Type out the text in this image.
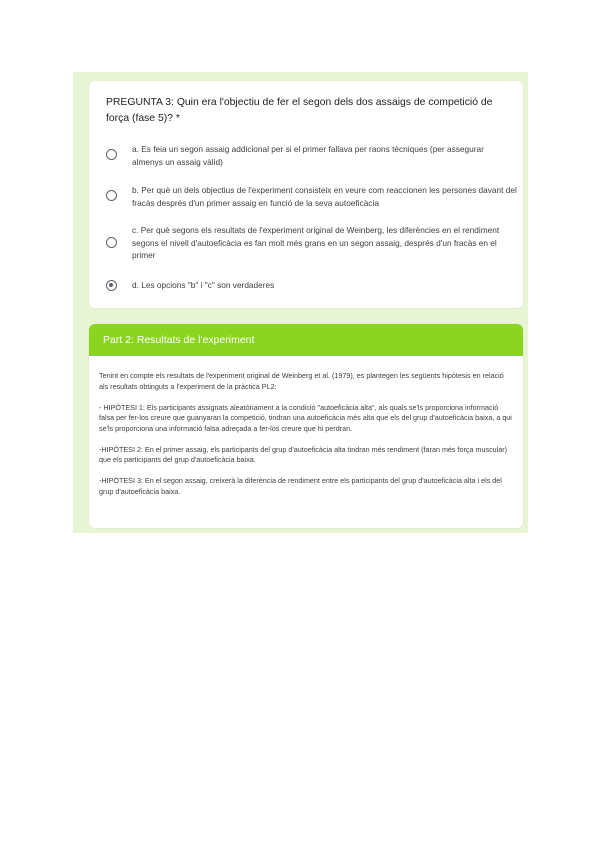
PREGUNTA 3: Quin era l'objectiu de fer el segon dels dos assaigs de competició de força (fase 5)? *
a. Es feia un segon assaig addicional per si el primer fallava per raons tècniques (per assegurar almenys un assaig vàlid)
b. Per què un dels objectius de l'experiment consisteix en veure com reaccionen les persones davant del fracàs després d'un primer assaig en funció de la seva autoeficàcia
c. Per què segons els resultats de l'experiment original de Weinberg, les diferències en el rendiment segons el nivell d'autoeficàcia es fan molt més grans en un segon assaig, després d'un fracàs en el primer
d. Les opcions "b" i "c" son verdaderes
Part 2: Resultats de l'experiment

Tenint en compte els resultats de l'experiment original de Weinberg et al. (1979), es plantegen les següents hipòtesis en relació als resultats obtinguts a l'experiment de la pràctica PL2:

- HIPÒTESI 1: Els participants assignats aleatòriament a la condició "autoeficàcia alta", als quals se'ls proporciona informació falsa per fer-los creure que guanyaran la competició, tindran una autoeficàcia més alta que els del grup d'autoeficàcia baixa, a qui se'ls proporciona una informació falsa adreçada a fer-los creure que hi perdran.

-HIPÒTESI 2: En el primer assaig, els participants del grup d'autoeficàcia alta tindran més rendiment (faran més força muscular) que els participants del grup d'autoeficàcia baixa.

-HIPÒTESI 3: En el segon assaig, creixerà la diferència de rendiment entre els participants del grup d'autoeficàcia alta i els del grup d'autoeficàcia baixa.
